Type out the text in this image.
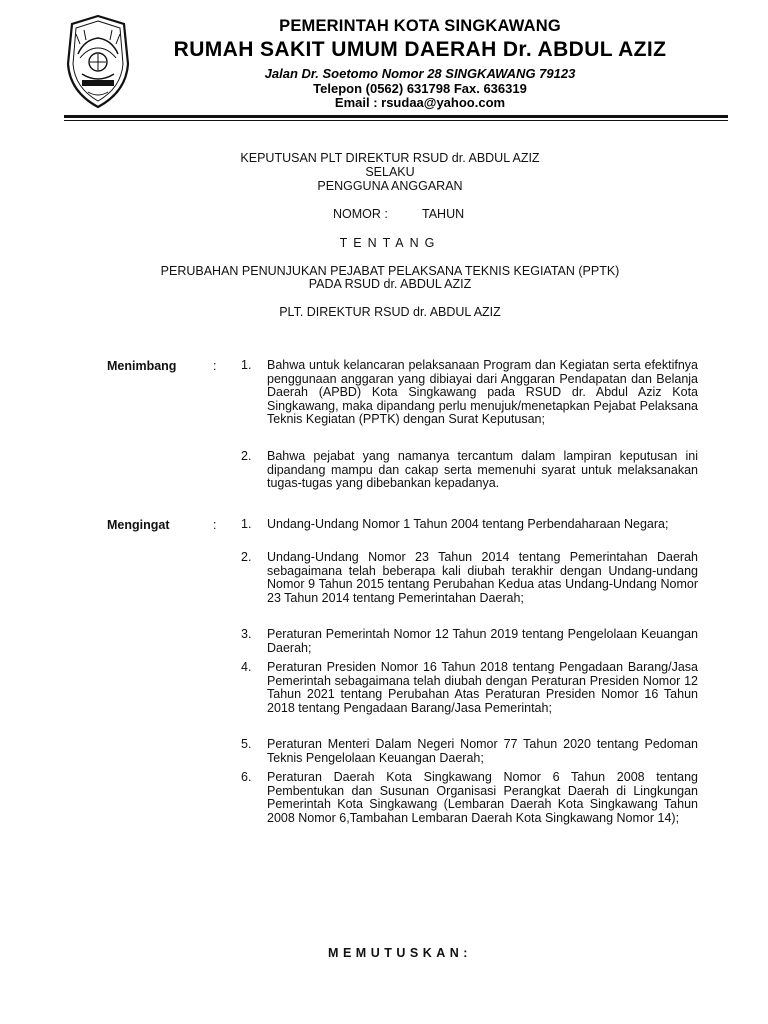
PEMERINTAH KOTA SINGKAWANG
RUMAH SAKIT UMUM DAERAH Dr. ABDUL AZIZ
Jalan Dr. Soetomo Nomor 28 SINGKAWANG 79123
Telepon (0562) 631798 Fax. 636319
Email : rsudaa@yahoo.com
KEPUTUSAN PLT DIREKTUR RSUD dr. ABDUL AZIZ
SELAKU
PENGGUNA ANGGARAN
NOMOR :	TAHUN
TENTANG
PERUBAHAN PENUNJUKAN PEJABAT PELAKSANA TEKNIS KEGIATAN (PPTK)
PADA RSUD dr. ABDUL AZIZ
PLT. DIREKTUR RSUD dr. ABDUL AZIZ
Menimbang	: 1. Bahwa untuk kelancaran pelaksanaan Program dan Kegiatan serta efektifnya penggunaan anggaran yang dibiayai dari Anggaran Pendapatan dan Belanja Daerah (APBD) Kota Singkawang pada RSUD dr. Abdul Aziz Kota Singkawang, maka dipandang perlu menujuk/menetapkan Pejabat Pelaksana Teknis Kegiatan (PPTK) dengan Surat Keputusan;
2. Bahwa pejabat yang namanya tercantum dalam lampiran keputusan ini dipandang mampu dan cakap serta memenuhi syarat untuk melaksanakan tugas-tugas yang dibebankan kepadanya.
Mengingat	: 1. Undang-Undang Nomor 1 Tahun 2004 tentang Perbendaharaan Negara;
2. Undang-Undang Nomor 23 Tahun 2014 tentang Pemerintahan Daerah sebagaimana telah beberapa kali diubah terakhir dengan Undang-undang Nomor 9 Tahun 2015 tentang Perubahan Kedua atas Undang-Undang Nomor 23 Tahun 2014 tentang Pemerintahan Daerah;
3. Peraturan Pemerintah Nomor 12 Tahun 2019 tentang Pengelolaan Keuangan Daerah;
4. Peraturan Presiden Nomor 16 Tahun 2018 tentang Pengadaan Barang/Jasa Pemerintah sebagaimana telah diubah dengan Peraturan Presiden Nomor 12 Tahun 2021 tentang Perubahan Atas Peraturan Presiden Nomor 16 Tahun 2018 tentang Pengadaan Barang/Jasa Pemerintah;
5. Peraturan Menteri Dalam Negeri Nomor 77 Tahun 2020 tentang Pedoman Teknis Pengelolaan Keuangan Daerah;
6. Peraturan Daerah Kota Singkawang Nomor 6 Tahun 2008 tentang Pembentukan dan Susunan Organisasi Perangkat Daerah di Lingkungan Pemerintah Kota Singkawang (Lembaran Daerah Kota Singkawang Tahun 2008 Nomor 6,Tambahan Lembaran Daerah Kota Singkawang Nomor 14);
MEMUTUSKAN:
